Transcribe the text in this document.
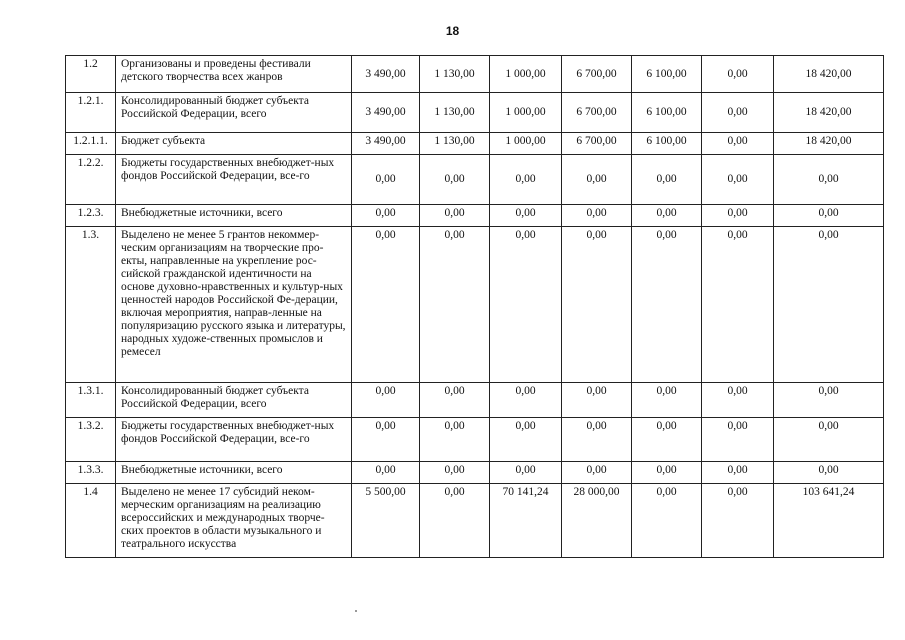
18
1.2	Организованы и проведены фестивали детского творчества всех жанров	3 490,00	1 130,00	1 000,00	6 700,00	6 100,00	0,00	18 420,00
1.2.1.	Консолидированный бюджет субъекта Российской Федерации, всего	3 490,00	1 130,00	1 000,00	6 700,00	6 100,00	0,00	18 420,00
1.2.1.1.	Бюджет субъекта	3 490,00	1 130,00	1 000,00	6 700,00	6 100,00	0,00	18 420,00
1.2.2.	Бюджеты государственных внебюджет-ных фондов Российской Федерации, все-го	0,00	0,00	0,00	0,00	0,00	0,00	0,00
1.2.3.	Внебюджетные источники, всего	0,00	0,00	0,00	0,00	0,00	0,00	0,00
1.3.	Выделено не менее 5 грантов некоммер-ческим организациям на творческие про-екты, направленные на укрепление рос-сийской гражданской идентичности на основе духовно-нравственных и культур-ных ценностей народов Российской Фе-дерации, включая мероприятия, направ-ленные на популяризацию русского языка и литературы, народных художе-ственных промыслов и ремесел	0,00	0,00	0,00	0,00	0,00	0,00	0,00
1.3.1.	Консолидированный бюджет субъекта Российской Федерации, всего	0,00	0,00	0,00	0,00	0,00	0,00	0,00
1.3.2.	Бюджеты государственных внебюджет-ных фондов Российской Федерации, все-го	0,00	0,00	0,00	0,00	0,00	0,00	0,00
1.3.3.	Внебюджетные источники, всего	0,00	0,00	0,00	0,00	0,00	0,00	0,00
1.4	Выделено не менее 17 субсидий неком-мерческим организациям на реализацию всероссийских и международных творче-ских проектов в области музыкального и театрального искусства	5 500,00	0,00	70 141,24	28 000,00	0,00	0,00	103 641,24
